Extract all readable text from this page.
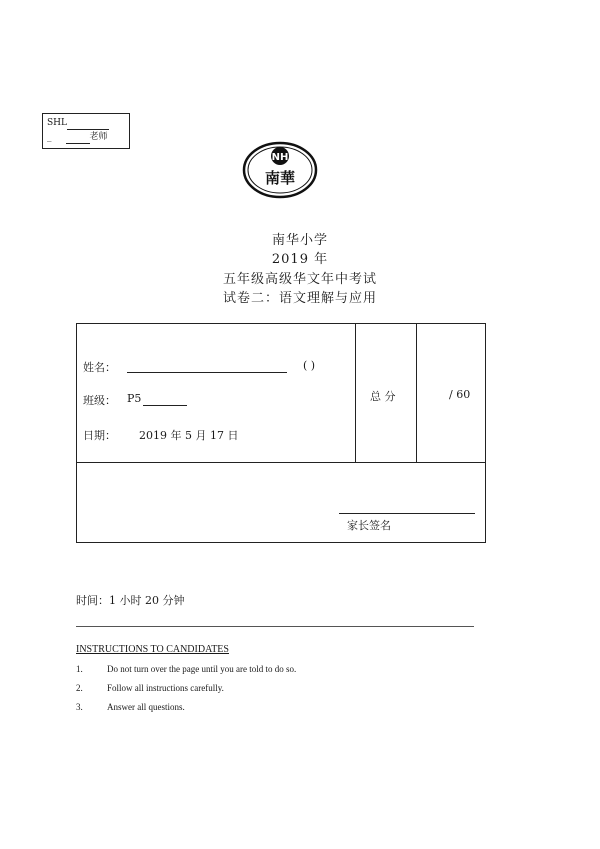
SHL
_	老师
NH
南華
南华小学
2019 年
五年级高级华文年中考试
试卷二：语文理解与应用
姓名：	( )
班级： P5
日期： 2019 年 5 月 17 日
总 分	/ 60
家长签名
时间：1 小时 20 分钟
INSTRUCTIONS TO CANDIDATES
1.	Do not turn over the page until you are told to do so.
2.	Follow all instructions carefully.
3.	Answer all questions.
